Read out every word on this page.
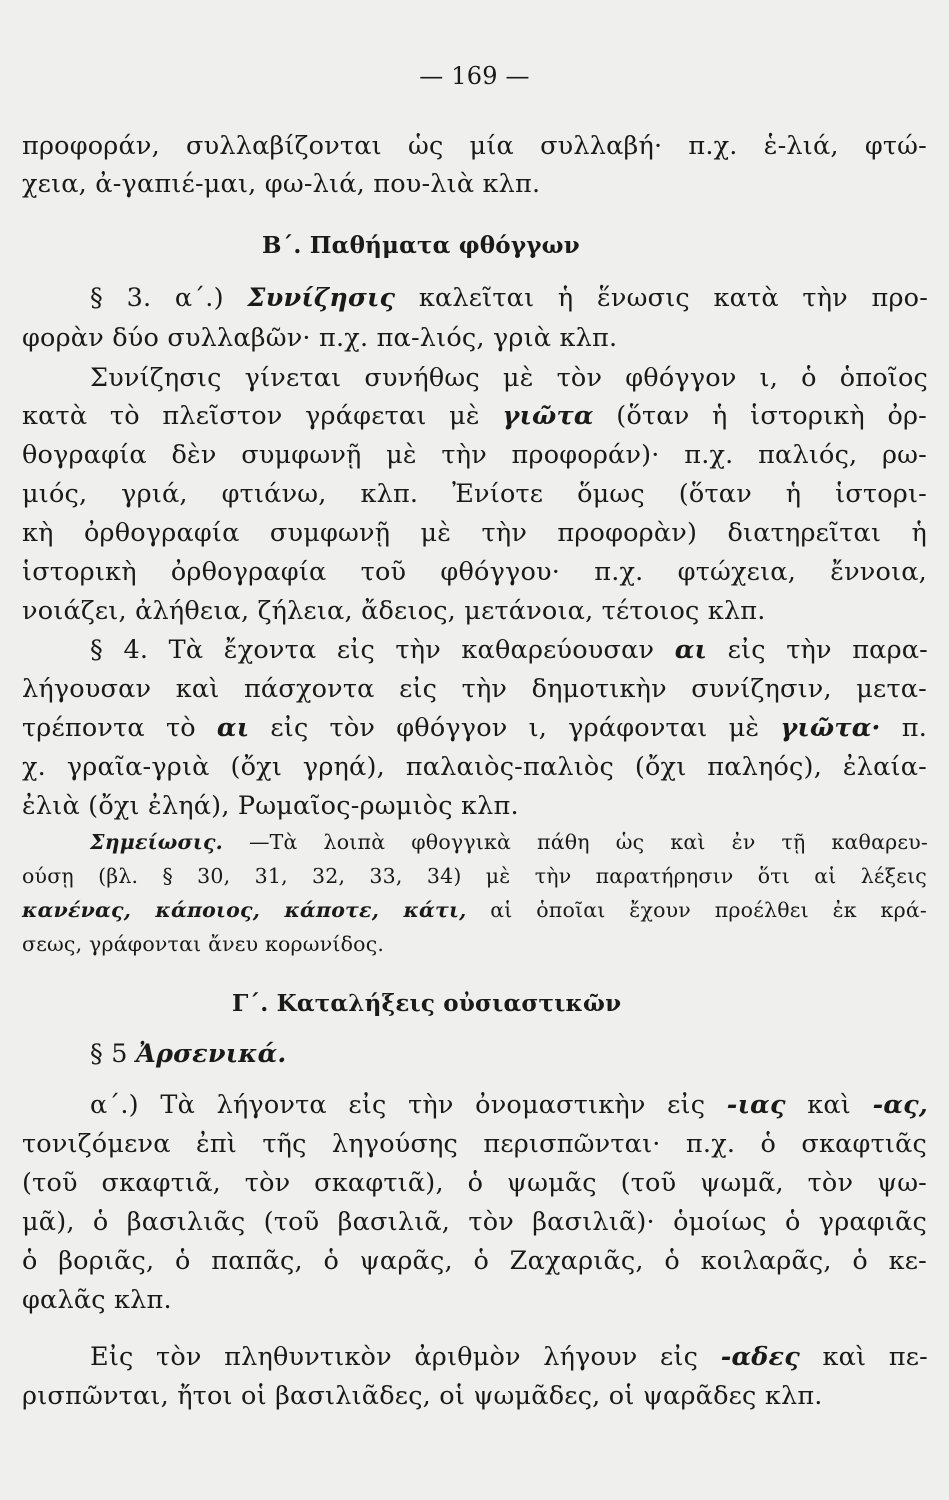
— 169 —
προφοράν, συλλαβίζονται ὡς μία συλλαβή· π.χ. ἑ-λιά, φτώ-
χεια, ἀ-γαπιέ-μαι, φω-λιά, που-λιὰ κλπ.
Β΄. Παθήματα φθόγγων
§ 3. α΄.) Συνίζησις καλεῖται ἡ ἕνωσις κατὰ τὴν προ-
φορὰν δύο συλλαβῶν· π.χ. πα-λιός, γριὰ κλπ.
Συνίζησις γίνεται συνήθως μὲ τὸν φθόγγον ι, ὁ ὁποῖος
κατὰ τὸ πλεῖστον γράφεται μὲ γιῶτα (ὅταν ἡ ἱστορικὴ ὀρ-
θογραφία δὲν συμφωνῇ μὲ τὴν προφοράν)· π.χ. παλιός, ρω-
μιός, γριά, φτιάνω, κλπ. Ἐνίοτε ὅμως (ὅταν ἡ ἱστορι-
κὴ ὀρθογραφία συμφωνῇ μὲ τὴν προφορὰν) διατηρεῖται ἡ
ἱστορικὴ ὀρθογραφία τοῦ φθόγγου· π.χ. φτώχεια, ἔννοια,
νοιάζει, ἀλήθεια, ζήλεια, ἄδειος, μετάνοια, τέτοιος κλπ.
§ 4. Τὰ ἔχοντα εἰς τὴν καθαρεύουσαν αι εἰς τὴν παρα-
λήγουσαν καὶ πάσχοντα εἰς τὴν δημοτικὴν συνίζησιν, μετα-
τρέποντα τὸ αι εἰς τὸν φθόγγον ι, γράφονται μὲ γιῶτα· π.
χ. γραῖα-γριὰ (ὄχι γρηά), παλαιὸς-παλιὸς (ὄχι παληός), ἐλαία-
ἐλιὰ (ὄχι ἐληά), Ρωμαῖος-ρωμιὸς κλπ.
Σημείωσις. —Τὰ λοιπὰ φθογγικὰ πάθη ὡς καὶ ἐν τῇ καθαρευ-
ούσῃ (βλ. § 30, 31, 32, 33, 34) μὲ τὴν παρατήρησιν ὅτι αἱ λέξεις
κανένας, κάποιος, κάποτε, κάτι, αἱ ὁποῖαι ἔχουν προέλθει ἐκ κρά-
σεως, γράφονται ἄνευ κορωνίδος.
Γ΄. Καταλήξεις οὐσιαστικῶν
§ 5 Ἀρσενικά.
α΄.) Τὰ λήγοντα εἰς τὴν ὀνομαστικὴν εἰς -ιας καὶ -ας,
τονιζόμενα ἐπὶ τῆς ληγούσης περισπῶνται· π.χ. ὁ σκαφτιᾶς
(τοῦ σκαφτιᾶ, τὸν σκαφτιᾶ), ὁ ψωμᾶς (τοῦ ψωμᾶ, τὸν ψω-
μᾶ), ὁ βασιλιᾶς (τοῦ βασιλιᾶ, τὸν βασιλιᾶ)· ὁμοίως ὁ γραφιᾶς
ὁ βοριᾶς, ὁ παπᾶς, ὁ ψαρᾶς, ὁ Ζαχαριᾶς, ὁ κοιλαρᾶς, ὁ κε-
φαλᾶς κλπ.
Εἰς τὸν πληθυντικὸν ἀριθμὸν λήγουν εἰς -αδες καὶ πε-
ρισπῶνται, ἤτοι οἱ βασιλιᾶδες, οἱ ψωμᾶδες, οἱ ψαρᾶδες κλπ.
